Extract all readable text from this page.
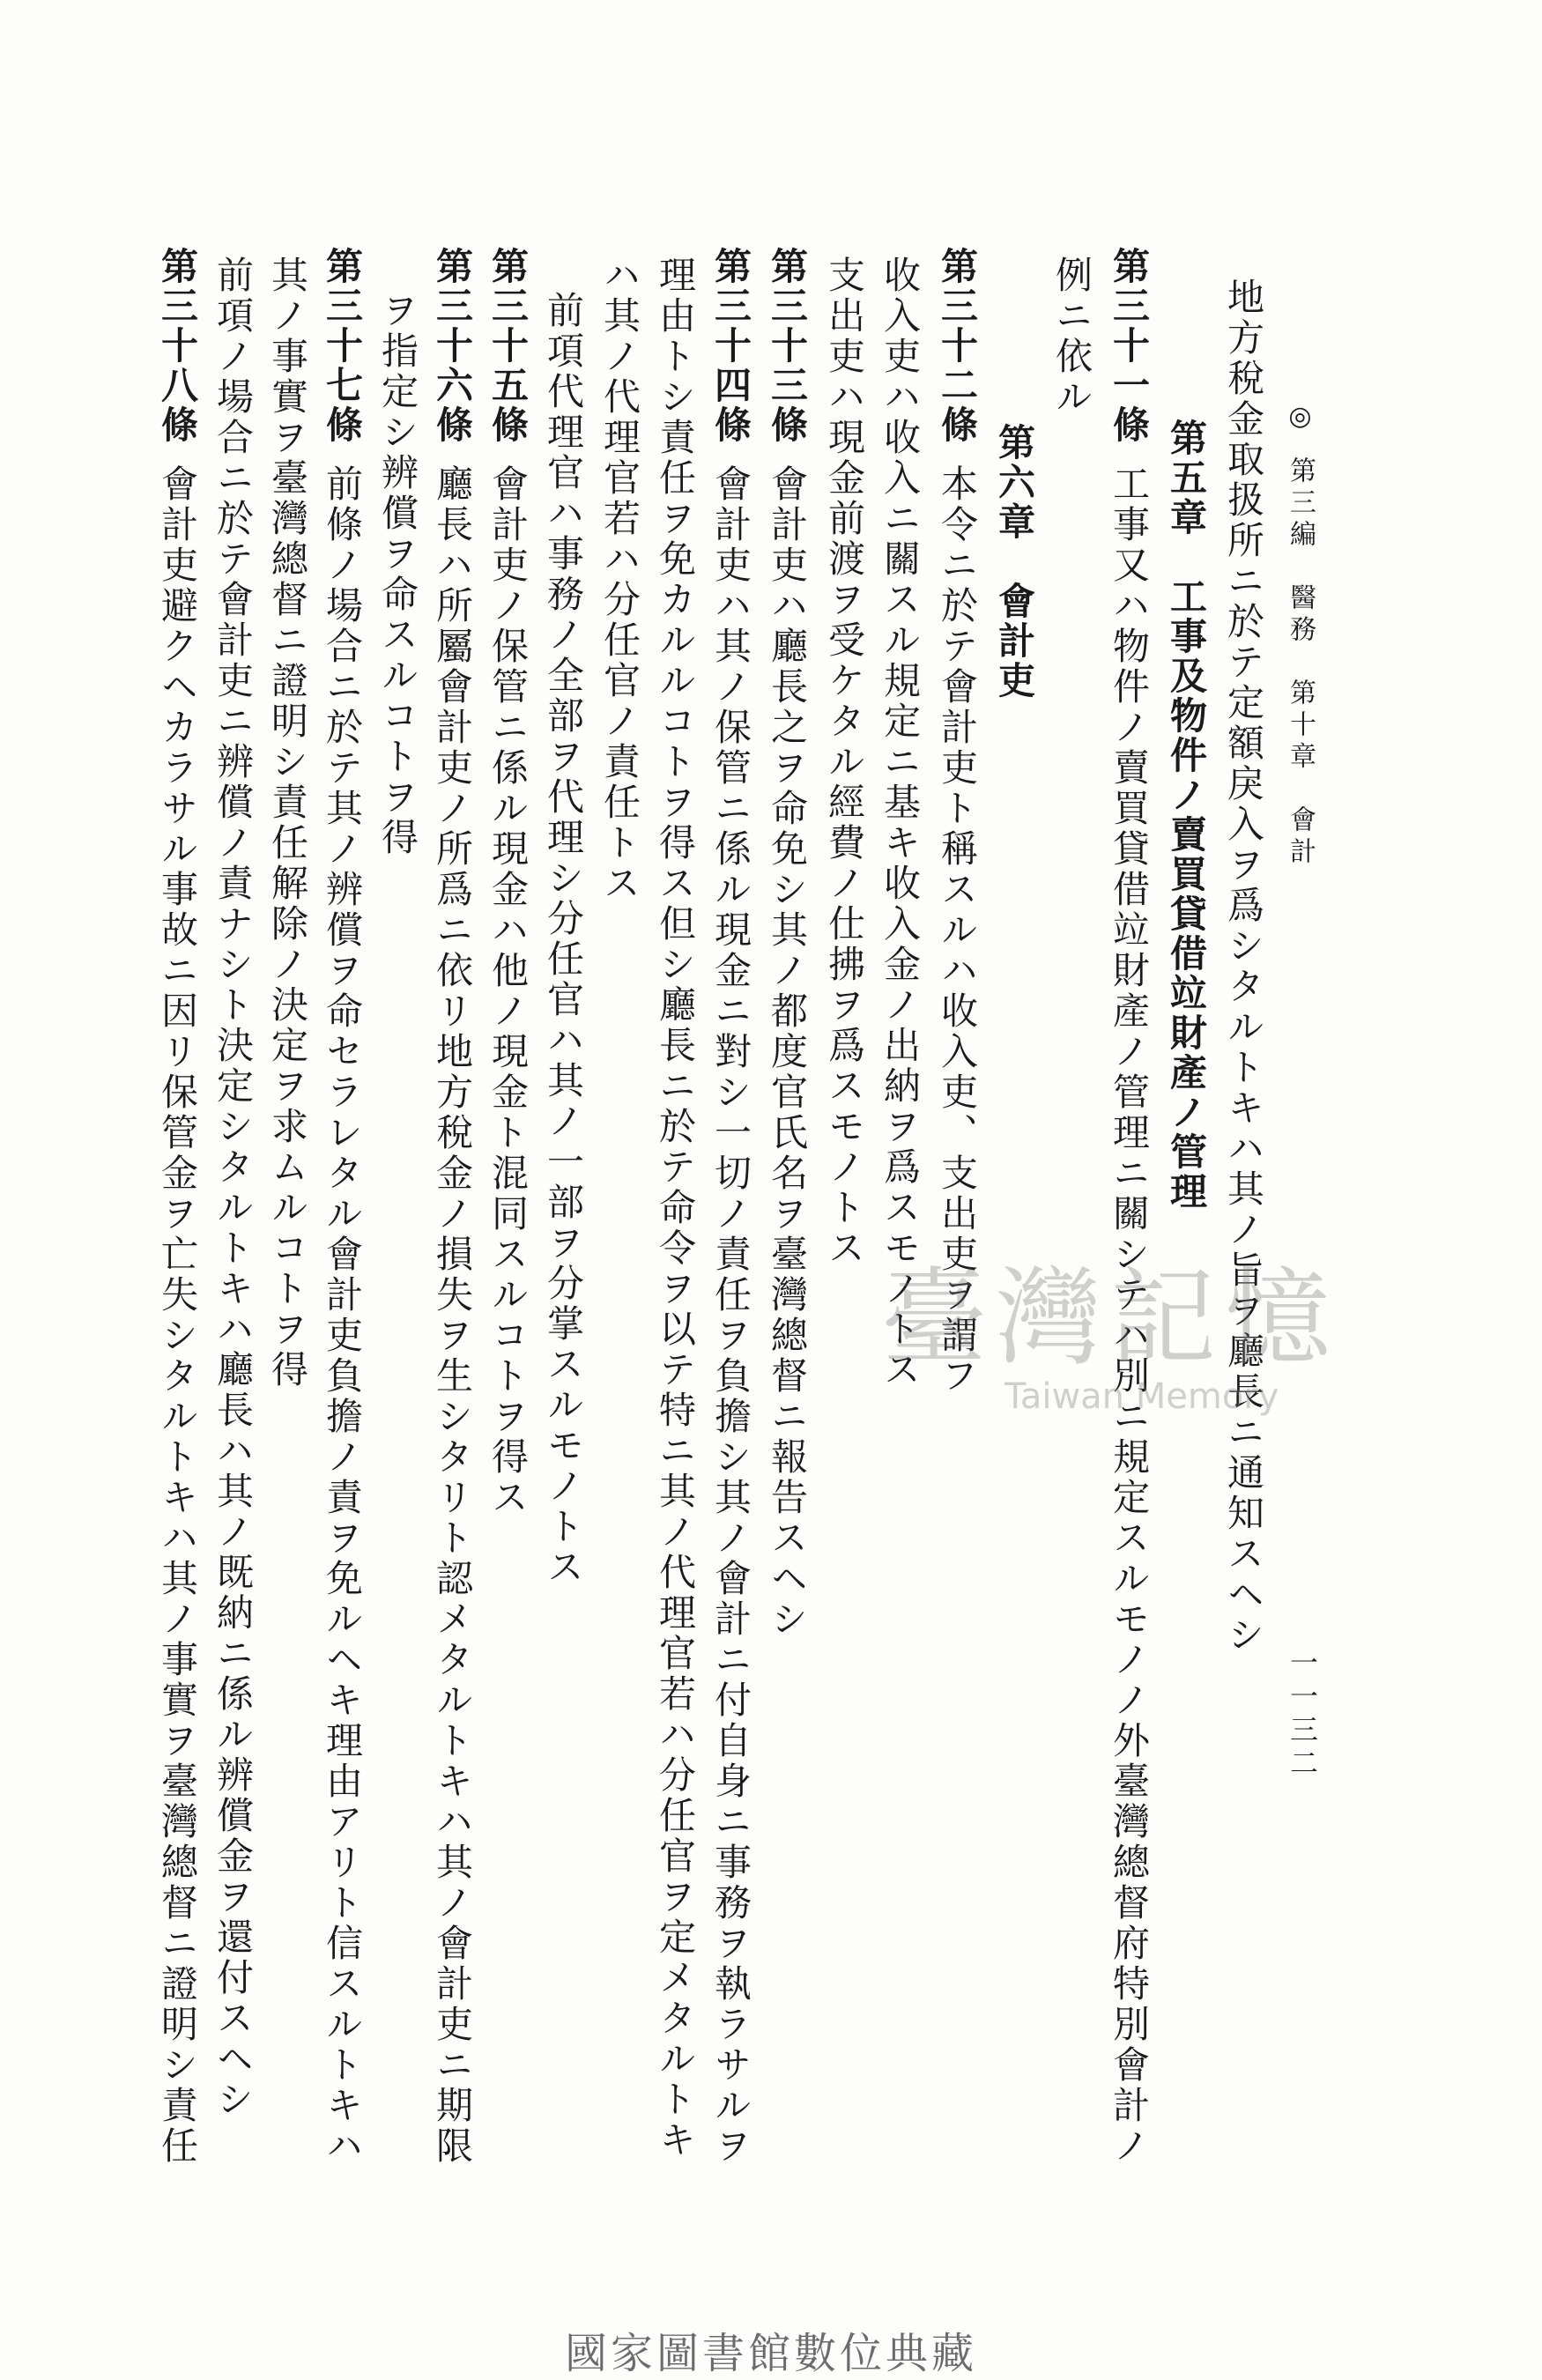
◎第三編　醫務　第十章　會計
一一三二
地方稅金取扱所ニ於テ定額戾入ヲ爲シタルトキハ其ノ旨ヲ廳長ニ通知スヘシ
第五章　工事及物件ノ賣買貸借竝財產ノ管理
第三十一條工事又ハ物件ノ賣買貸借竝財產ノ管理ニ關シテハ別ニ規定スルモノノ外臺灣總督府特別會計ノ
例ニ依ル
第六章　會計吏
第三十二條本令ニ於テ會計吏ト稱スルハ收入吏、支出吏ヲ謂フ
收入吏ハ收入ニ關スル規定ニ基キ收入金ノ出納ヲ爲スモノトス
支出吏ハ現金前渡ヲ受ケタル經費ノ仕拂ヲ爲スモノトス
第三十三條會計吏ハ廳長之ヲ命免シ其ノ都度官氏名ヲ臺灣總督ニ報告スヘシ
第三十四條會計吏ハ其ノ保管ニ係ル現金ニ對シ一切ノ責任ヲ負擔シ其ノ會計ニ付自身ニ事務ヲ執ラサルヲ
理由トシ責任ヲ免カルルコトヲ得ス但シ廳長ニ於テ命令ヲ以テ特ニ其ノ代理官若ハ分任官ヲ定メタルトキ
ハ其ノ代理官若ハ分任官ノ責任トス
前項代理官ハ事務ノ全部ヲ代理シ分任官ハ其ノ一部ヲ分掌スルモノトス
第三十五條會計吏ノ保管ニ係ル現金ハ他ノ現金ト混同スルコトヲ得ス
第三十六條廳長ハ所屬會計吏ノ所爲ニ依リ地方稅金ノ損失ヲ生シタリト認メタルトキハ其ノ會計吏ニ期限
ヲ指定シ辨償ヲ命スルコトヲ得
第三十七條前條ノ場合ニ於テ其ノ辨償ヲ命セラレタル會計吏負擔ノ責ヲ免ルヘキ理由アリト信スルトキハ
其ノ事實ヲ臺灣總督ニ證明シ責任解除ノ決定ヲ求ムルコトヲ得
前項ノ場合ニ於テ會計吏ニ辨償ノ責ナシト決定シタルトキハ廳長ハ其ノ既納ニ係ル辨償金ヲ還付スヘシ
第三十八條會計吏避クヘカラサル事故ニ因リ保管金ヲ亡失シタルトキハ其ノ事實ヲ臺灣總督ニ證明シ責任	臺灣記憶
Taiwan Memory
國家圖書館數位典藏
